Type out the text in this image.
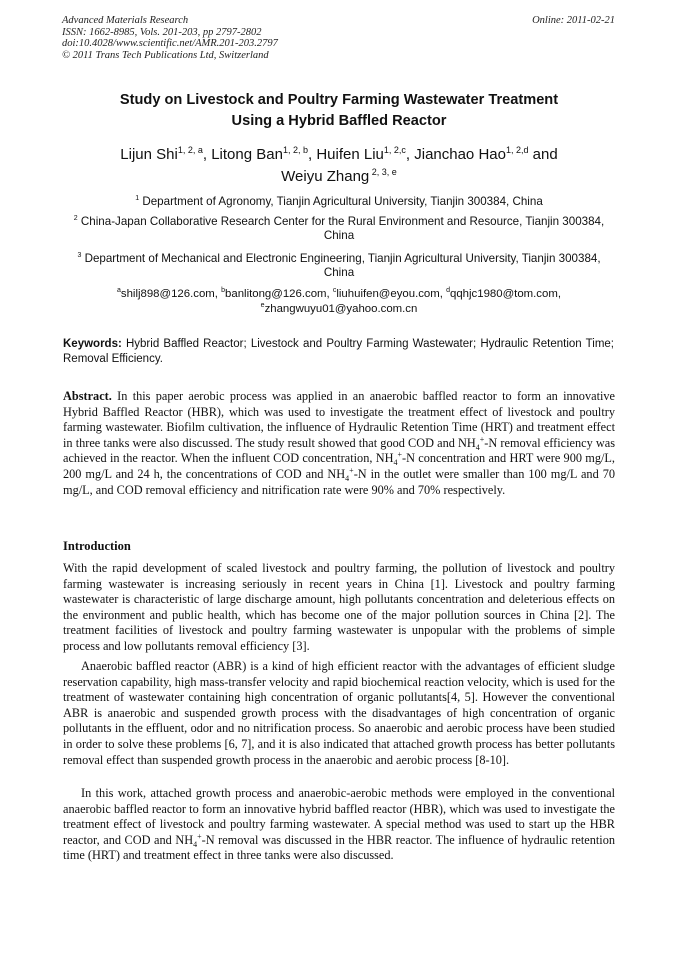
Advanced Materials Research
ISSN: 1662-8985, Vols. 201-203, pp 2797-2802
doi:10.4028/www.scientific.net/AMR.201-203.2797
© 2011 Trans Tech Publications Ltd, Switzerland
Online: 2011-02-21
Study on Livestock and Poultry Farming Wastewater Treatment
Using a Hybrid Baffled Reactor
Lijun Shi$^{1, 2, a}$, Litong Ban$^{1, 2, b}$, Huifen Liu$^{1, 2,c}$, Jianchao Hao$^{1, 2,d}$ and
Weiyu Zhang $^{2, 3, e}$
$^1$ Department of Agronomy, Tianjin Agricultural University, Tianjin 300384, China
$^2$ China-Japan Collaborative Research Center for the Rural Environment and Resource, Tianjin 300384, China
$^3$ Department of Mechanical and Electronic Engineering, Tianjin Agricultural University, Tianjin 300384, China
$^a$shilj898@126.com, $^b$banlitong@126.com, $^c$liuhuifen@eyou.com, $^d$qqhjc1980@tom.com,
$^e$zhangwuyu01@yahoo.com.cn
Keywords: Hybrid Baffled Reactor; Livestock and Poultry Farming Wastewater; Hydraulic Retention Time; Removal Efficiency.
Abstract. In this paper aerobic process was applied in an anaerobic baffled reactor to form an innovative Hybrid Baffled Reactor (HBR), which was used to investigate the treatment effect of livestock and poultry farming wastewater. Biofilm cultivation, the influence of Hydraulic Retention Time (HRT) and treatment effect in three tanks were also discussed. The study result showed that good COD and $NH_4^+-N$ removal efficiency was achieved in the reactor. When the influent COD concentration, $NH_4^+-N$ concentration and HRT were 900 mg/L, 200 mg/L and 24 h, the concentrations of COD and $NH_4^+-N$ in the outlet were smaller than 100 mg/L and 70 mg/L, and COD removal efficiency and nitrification rate were 90% and 70% respectively.
Introduction
With the rapid development of scaled livestock and poultry farming, the pollution of livestock and poultry farming wastewater is increasing seriously in recent years in China [1]. Livestock and poultry farming wastewater is characteristic of large discharge amount, high pollutants concentration and deleterious effects on the environment and public health, which has become one of the major pollution sources in China [2]. The treatment facilities of livestock and poultry farming wastewater is unpopular with the problems of simple process and low pollutants removal efficiency [3].
Anaerobic baffled reactor (ABR) is a kind of high efficient reactor with the advantages of efficient sludge reservation capability, high mass-transfer velocity and rapid biochemical reaction velocity, which is used for the treatment of wastewater containing high concentration of organic pollutants[4, 5]. However the conventional ABR is anaerobic and suspended growth process with the disadvantages of high concentration of organic pollutants in the effluent, odor and no nitrification process. So anaerobic and aerobic process have been studied in order to solve these problems [6, 7], and it is also indicated that attached growth process has better pollutants removal effect than suspended growth process in the anaerobic and aerobic process [8-10].
In this work, attached growth process and anaerobic-aerobic methods were employed in the conventional anaerobic baffled reactor to form an innovative hybrid baffled reactor (HBR), which was used to investigate the treatment effect of livestock and poultry farming wastewater. A special method was used to start up the HBR reactor, and COD and $NH_4^+-N$ removal was discussed in the HBR reactor. The influence of hydraulic retention time (HRT) and treatment effect in three tanks were also discussed.
